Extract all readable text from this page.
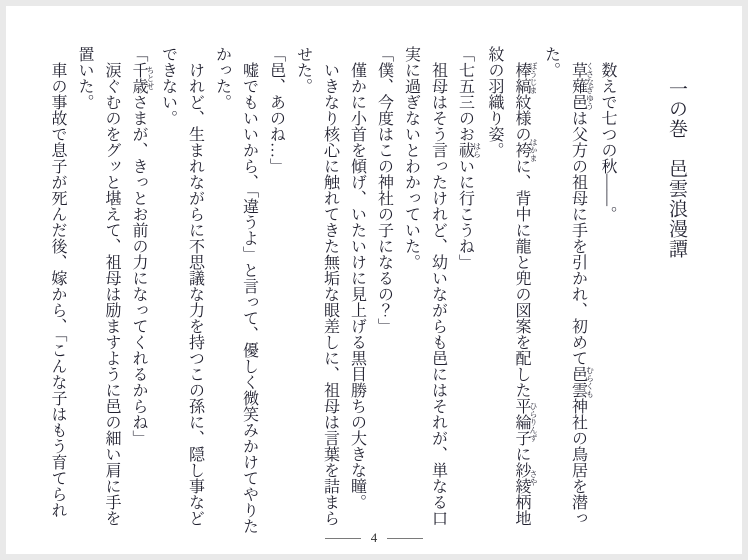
一の巻　邑雲浪漫譚

数えで七つの秋――。

草薙邑 くさなぎゆうは父方の祖母に手を引かれ、初めて邑雲 むらくも神社の鳥居を潜った。

棒縞 ぼうじま紋様の袴 はかまに、背中に龍と兜の図案を配した平綸子 ひらりんずに紗綾 さや柄地紋の羽織り姿。

「七五三のお祓 はらいに行こうね」

祖母はそう言ったけれど、幼いながらも邑にはそれが、単なる口実に過ぎないとわかっていた。

「僕、今度はこの神社の子になるの？」

僅かに小首を傾げ、いたいけに見上げる黒目勝ちの大きな瞳。

いきなり核心に触れてきた無垢な眼差しに、祖母は言葉を詰まらせた。

「邑、あのね…」

嘘でもいいから、「違うよ」と言って、優しく微笑みかけてやりたかった。

けれど、生まれながらに不思議な力を持つこの孫に、隠し事などできない。

「千歳 ちとせさまが、きっとお前の力になってくれるからね」

涙ぐむのをグッと堪えて、祖母は励ますように邑の細い肩に手を置いた。

車の事故で息子が死んだ後、嫁から、「こんな子はもう育てられ

4
